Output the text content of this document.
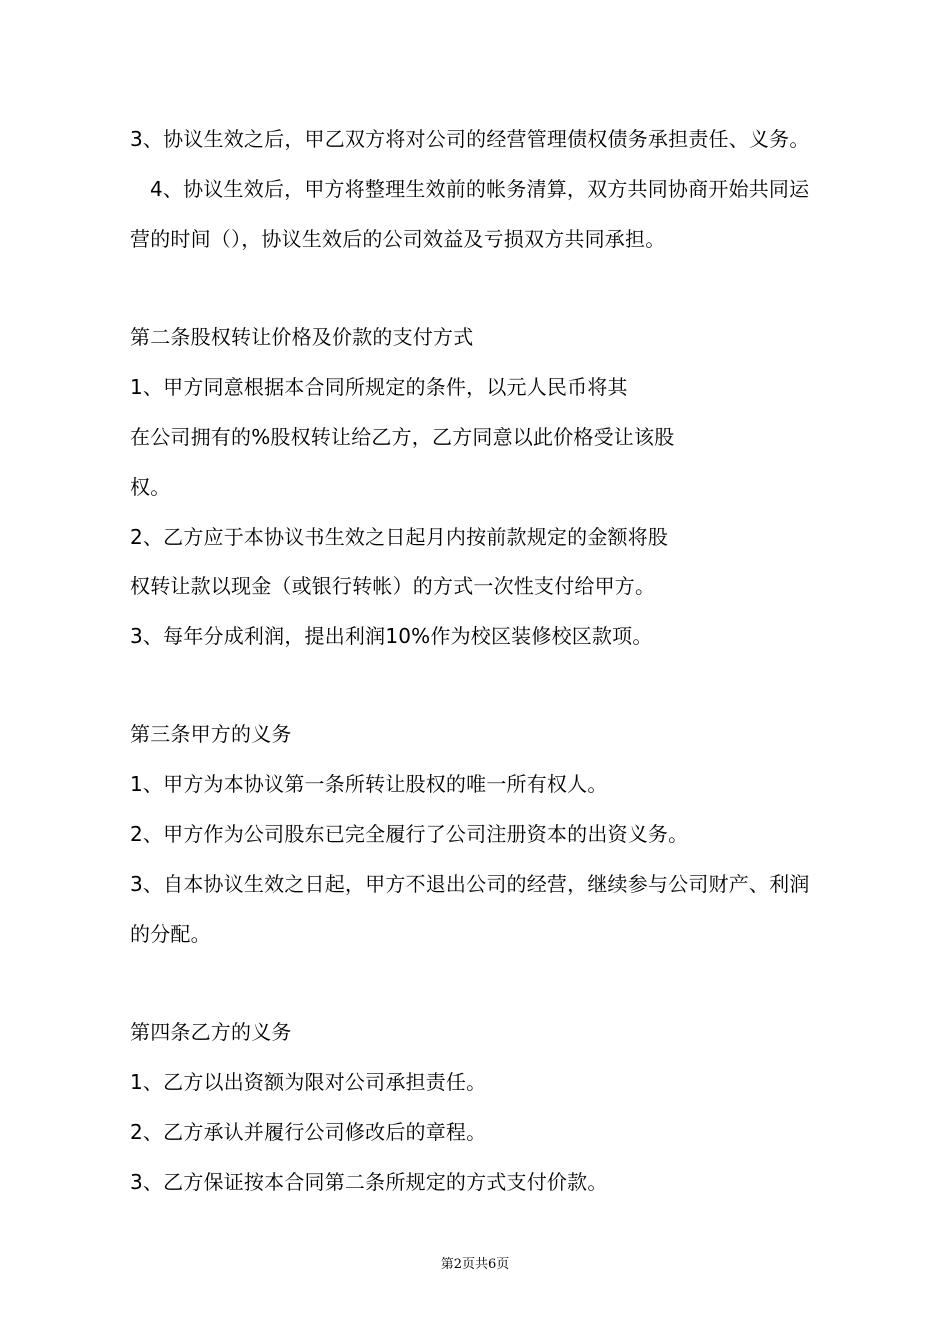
3、协议生效之后，甲乙双方将对公司的经营管理债权债务承担责任、义务。
4、协议生效后，甲方将整理生效前的帐务清算，双方共同协商开始共同运
营的时间（），协议生效后的公司效益及亏损双方共同承担。
第二条股权转让价格及价款的支付方式
1、甲方同意根据本合同所规定的条件，以元人民币将其
在公司拥有的%股权转让给乙方，乙方同意以此价格受让该股
权。
2、乙方应于本协议书生效之日起月内按前款规定的金额将股
权转让款以现金（或银行转帐）的方式一次性支付给甲方。
3、每年分成利润，提出利润10%作为校区装修校区款项。
第三条甲方的义务
1、甲方为本协议第一条所转让股权的唯一所有权人。
2、甲方作为公司股东已完全履行了公司注册资本的出资义务。
3、自本协议生效之日起，甲方不退出公司的经营，继续参与公司财产、利润
的分配。
第四条乙方的义务
1、乙方以出资额为限对公司承担责任。
2、乙方承认并履行公司修改后的章程。
3、乙方保证按本合同第二条所规定的方式支付价款。
第2页共6页
